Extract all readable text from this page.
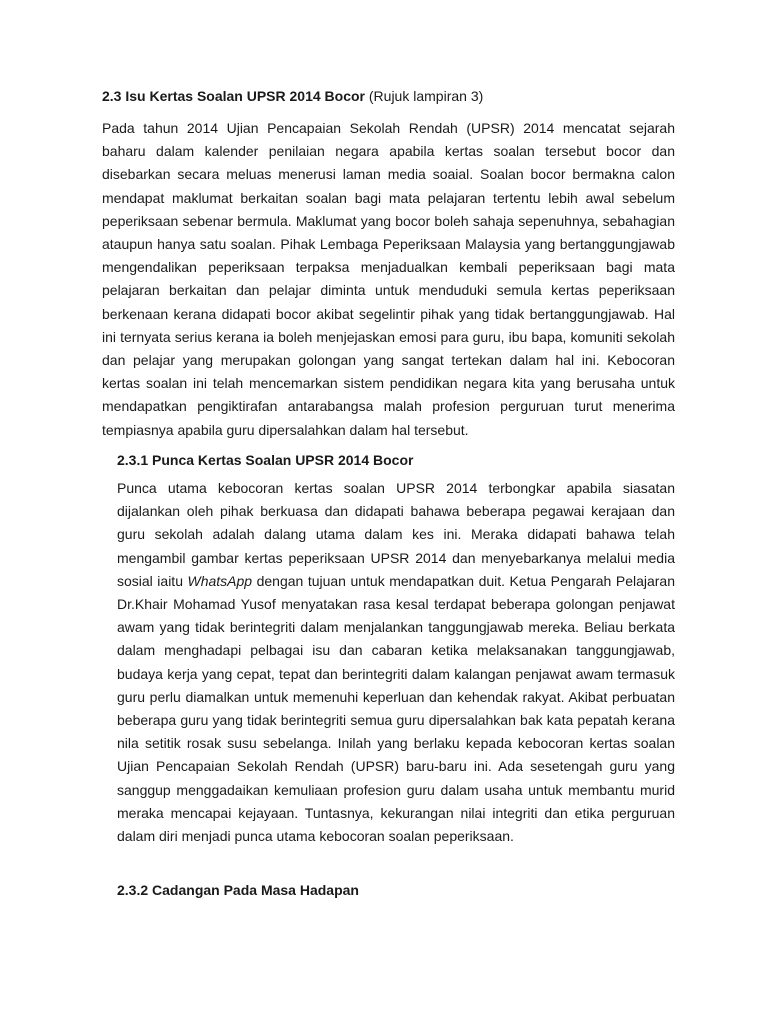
2.3 Isu Kertas Soalan UPSR 2014 Bocor (Rujuk lampiran 3)

Pada tahun 2014 Ujian Pencapaian Sekolah Rendah (UPSR) 2014 mencatat sejarah baharu dalam kalender penilaian negara apabila kertas soalan tersebut bocor dan disebarkan secara meluas menerusi laman media soaial. Soalan bocor bermakna calon mendapat maklumat berkaitan soalan bagi mata pelajaran tertentu lebih awal sebelum peperiksaan sebenar bermula. Maklumat yang bocor boleh sahaja sepenuhnya, sebahagian ataupun hanya satu soalan. Pihak Lembaga Peperiksaan Malaysia yang bertanggungjawab mengendalikan peperiksaan terpaksa menjadualkan kembali peperiksaan bagi mata pelajaran berkaitan dan pelajar diminta untuk menduduki semula kertas peperiksaan berkenaan kerana didapati bocor akibat segelintir pihak yang tidak bertanggungjawab. Hal ini ternyata serius kerana ia boleh menjejaskan emosi para guru, ibu bapa, komuniti sekolah dan pelajar yang merupakan golongan yang sangat tertekan dalam hal ini. Kebocoran kertas soalan ini telah mencemarkan sistem pendidikan negara kita yang berusaha untuk mendapatkan pengiktirafan antarabangsa malah profesion perguruan turut menerima tempiasnya apabila guru dipersalahkan dalam hal tersebut.

2.3.1 Punca Kertas Soalan UPSR 2014 Bocor

Punca utama kebocoran kertas soalan UPSR 2014 terbongkar apabila siasatan dijalankan oleh pihak berkuasa dan didapati bahawa beberapa pegawai kerajaan dan guru sekolah adalah dalang utama dalam kes ini. Meraka didapati bahawa telah mengambil gambar kertas peperiksaan UPSR 2014 dan menyebarkanya melalui media sosial iaitu WhatsApp dengan tujuan untuk mendapatkan duit. Ketua Pengarah Pelajaran Dr.Khair Mohamad Yusof menyatakan rasa kesal terdapat beberapa golongan penjawat awam yang tidak berintegriti dalam menjalankan tanggungjawab mereka. Beliau berkata dalam menghadapi pelbagai isu dan cabaran ketika melaksanakan tanggungjawab, budaya kerja yang cepat, tepat dan berintegriti dalam kalangan penjawat awam termasuk guru perlu diamalkan untuk memenuhi keperluan dan kehendak rakyat. Akibat perbuatan beberapa guru yang tidak berintegriti semua guru dipersalahkan bak kata pepatah kerana nila setitik rosak susu sebelanga. Inilah yang berlaku kepada kebocoran kertas soalan Ujian Pencapaian Sekolah Rendah (UPSR) baru-baru ini. Ada sesetengah guru yang sanggup menggadaikan kemuliaan profesion guru dalam usaha untuk membantu murid meraka mencapai kejayaan. Tuntasnya, kekurangan nilai integriti dan etika perguruan dalam diri menjadi punca utama kebocoran soalan peperiksaan.

2.3.2 Cadangan Pada Masa Hadapan
